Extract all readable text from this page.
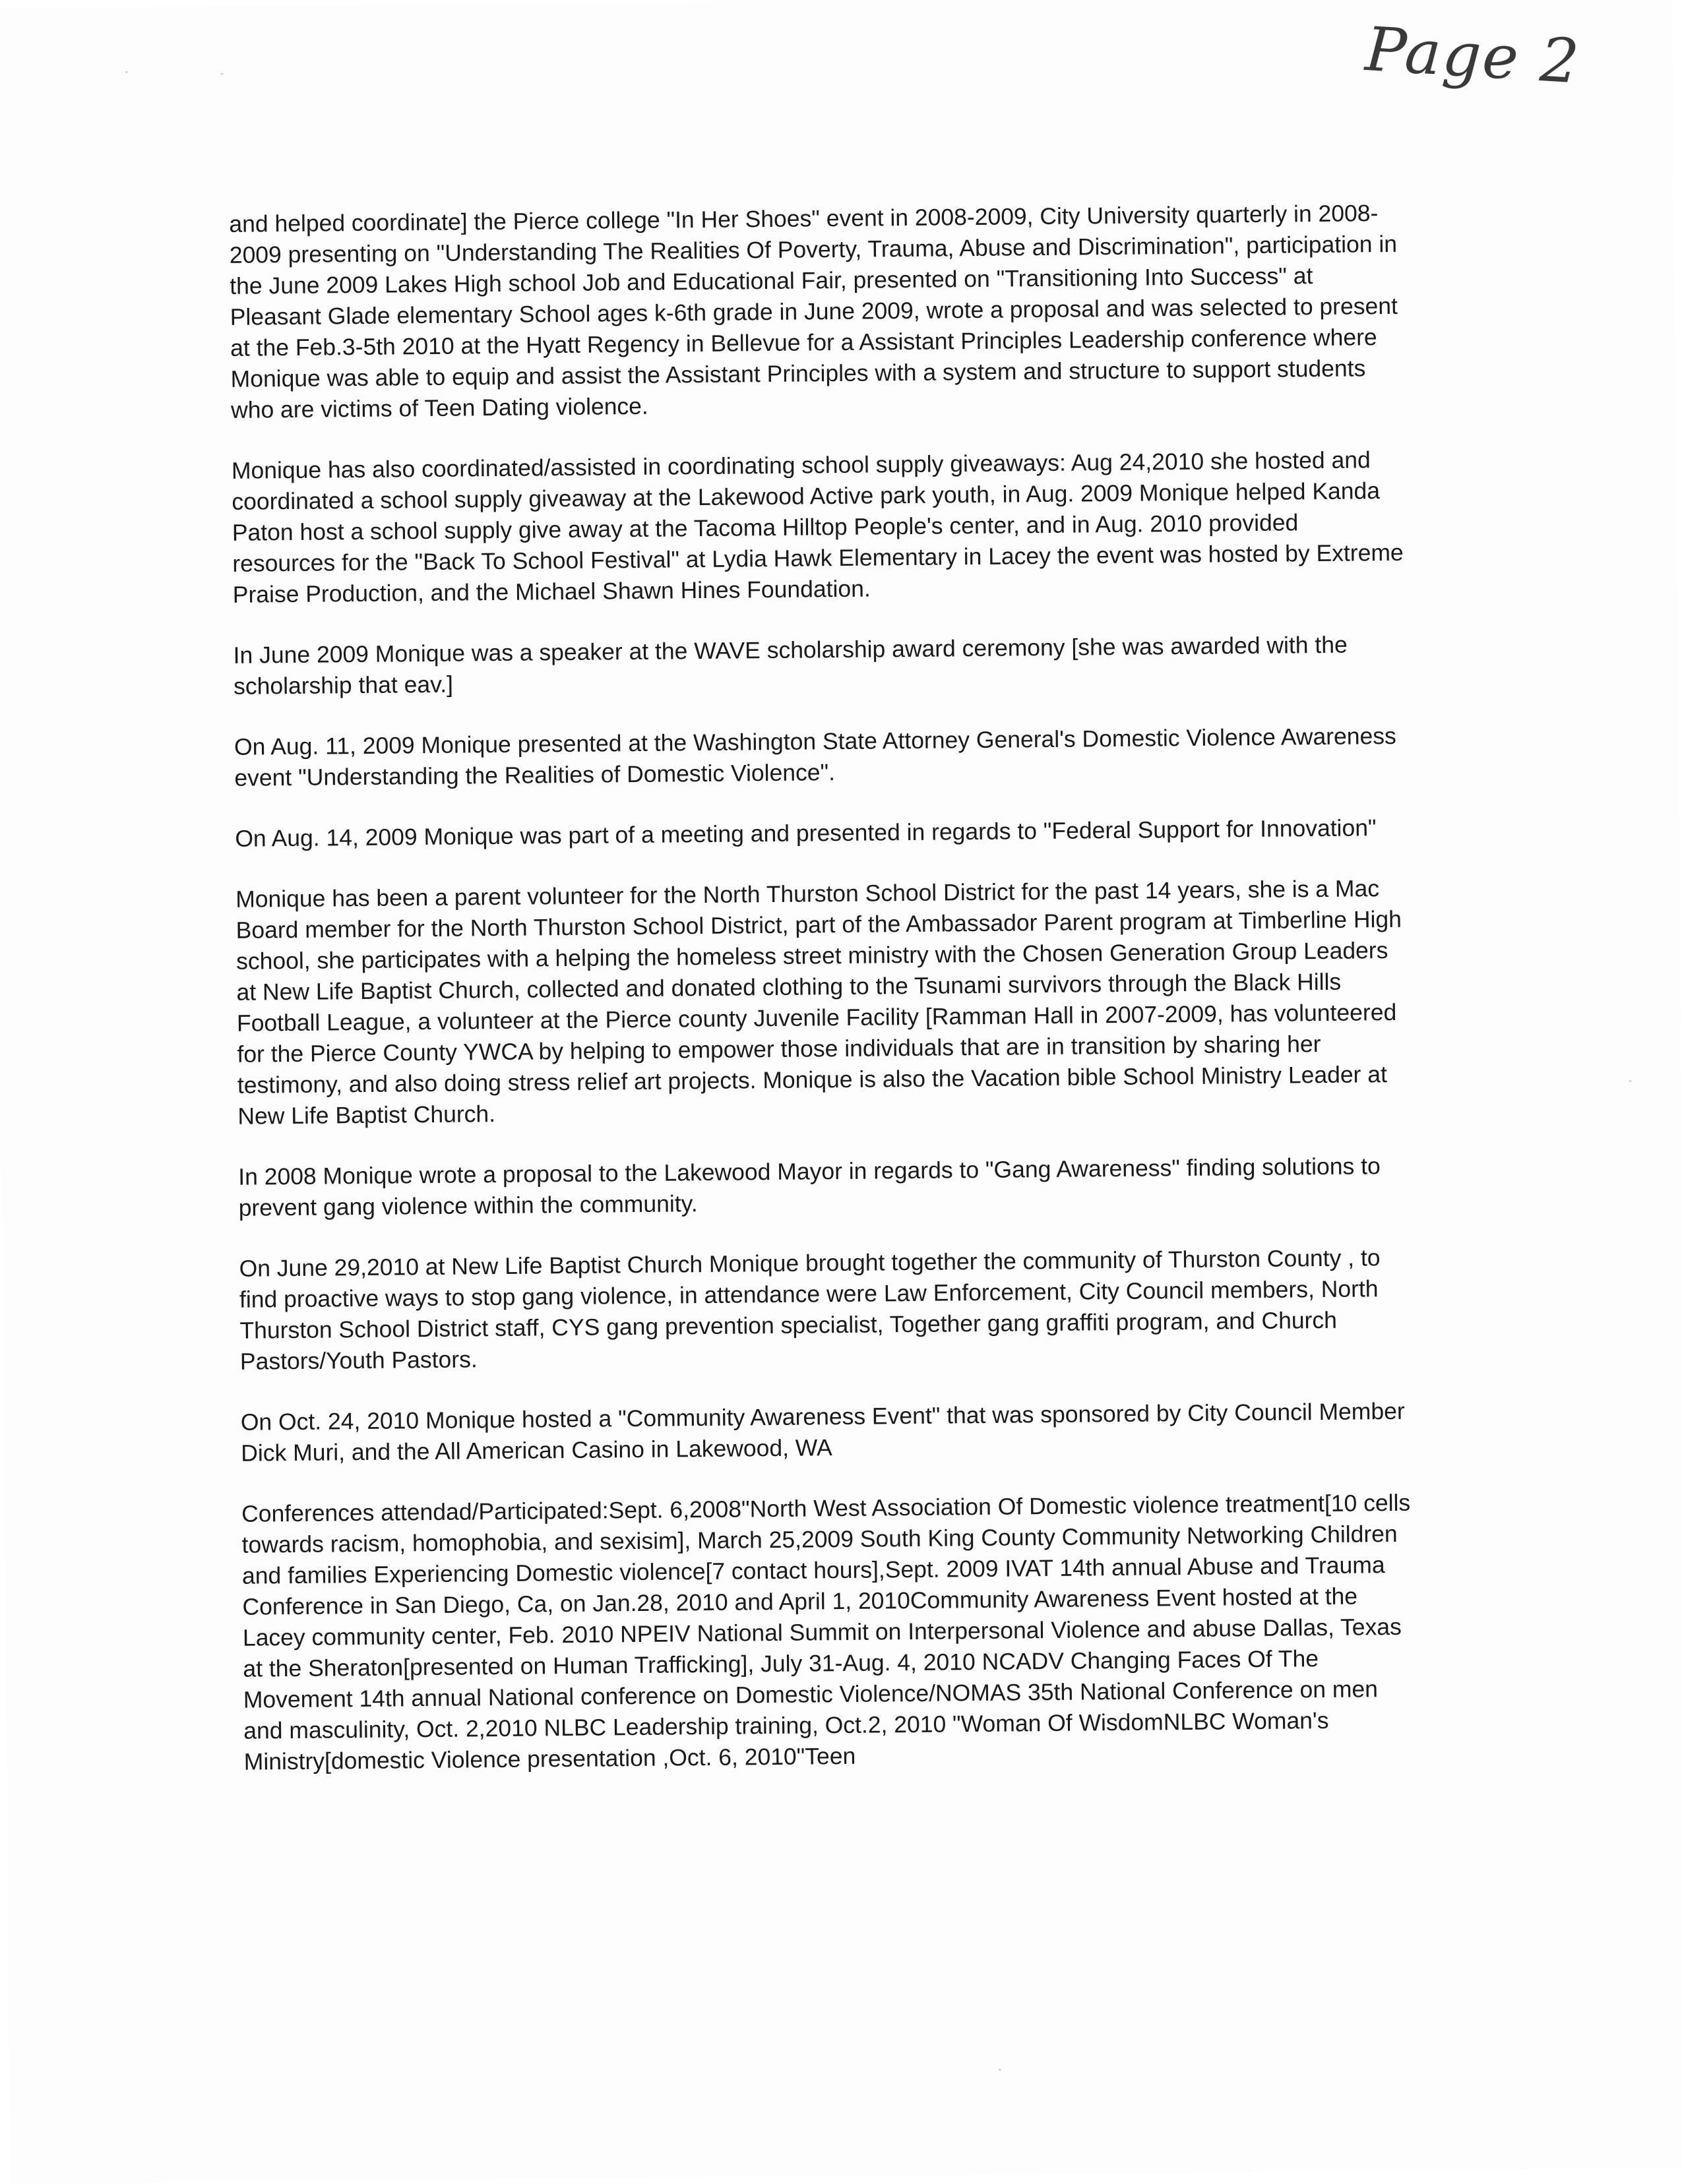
Page 2

and helped coordinate] the Pierce college "In Her Shoes" event in 2008-2009, City University quarterly in 2008-2009 presenting on "Understanding The Realities Of Poverty, Trauma, Abuse and Discrimination", participation in the June 2009 Lakes High school Job and Educational Fair, presented on "Transitioning Into Success" at Pleasant Glade elementary School ages k-6th grade in June 2009, wrote a proposal and was selected to present at the Feb.3-5th 2010 at the Hyatt Regency in Bellevue for a Assistant Principles Leadership conference where Monique was able to equip and assist the Assistant Principles with a system and structure to support students who are victims of Teen Dating violence.

Monique has also coordinated/assisted in coordinating school supply giveaways: Aug 24,2010 she hosted and coordinated a school supply giveaway at the Lakewood Active park youth, in Aug. 2009 Monique helped Kanda Paton host a school supply give away at the Tacoma Hilltop People's center, and in Aug. 2010 provided resources for the "Back To School Festival" at Lydia Hawk Elementary in Lacey the event was hosted by Extreme Praise Production, and the Michael Shawn Hines Foundation.

In June 2009 Monique was a speaker at the WAVE scholarship award ceremony [she was awarded with the scholarship that eav.]

On Aug. 11, 2009 Monique presented at the Washington State Attorney General's Domestic Violence Awareness event "Understanding the Realities of Domestic Violence".

On Aug. 14, 2009 Monique was part of a meeting and presented in regards to "Federal Support for Innovation"

Monique has been a parent volunteer for the North Thurston School District for the past 14 years, she is a Mac Board member for the North Thurston School District, part of the Ambassador Parent program at Timberline High school, she participates with a helping the homeless street ministry with the Chosen Generation Group Leaders at New Life Baptist Church, collected and donated clothing to the Tsunami survivors through the Black Hills Football League, a volunteer at the Pierce county Juvenile Facility [Ramman Hall in 2007-2009, has volunteered for the Pierce County YWCA by helping to empower those individuals that are in transition by sharing her testimony, and also doing stress relief art projects. Monique is also the Vacation bible School Ministry Leader at New Life Baptist Church.

In 2008 Monique wrote a proposal to the Lakewood Mayor in regards to "Gang Awareness" finding solutions to prevent gang violence within the community.

On June 29,2010 at New Life Baptist Church Monique brought together the community of Thurston County , to find proactive ways to stop gang violence, in attendance were Law Enforcement, City Council members, North Thurston School District staff, CYS gang prevention specialist, Together gang graffiti program, and Church Pastors/Youth Pastors.

On Oct. 24, 2010 Monique hosted a "Community Awareness Event" that was sponsored by City Council Member Dick Muri, and the All American Casino in Lakewood, WA

Conferences attendad/Participated:Sept. 6,2008"North West Association Of Domestic violence treatment[10 cells towards racism, homophobia, and sexisim], March 25,2009 South King County Community Networking Children and families Experiencing Domestic violence[7 contact hours],Sept. 2009 IVAT 14th annual Abuse and Trauma Conference in San Diego, Ca, on Jan.28, 2010 and April 1, 2010Community Awareness Event hosted at the Lacey community center, Feb. 2010 NPEIV National Summit on Interpersonal Violence and abuse Dallas, Texas at the Sheraton[presented on Human Trafficking], July 31-Aug. 4, 2010 NCADV Changing Faces Of The Movement 14th annual National conference on Domestic Violence/NOMAS 35th National Conference on men and masculinity, Oct. 2,2010 NLBC Leadership training, Oct.2, 2010 "Woman Of WisdomNLBC Woman's Ministry[domestic Violence presentation ,Oct. 6, 2010"Teen
